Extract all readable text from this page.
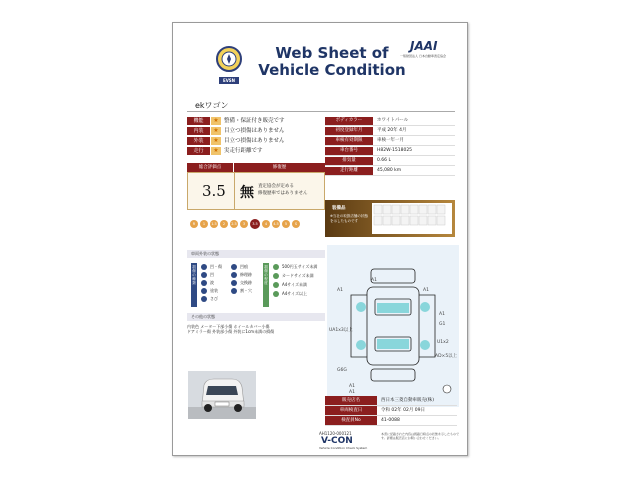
EVSN
Web Sheet of
Vehicle Condition
JAAI
一般財団法人 日本自動車査定協会
ekワゴン
機能	★ 整備・保証付き販売です
内装	★ 目立つ損傷はありません
外装	★ 目立つ損傷はありません
走行	★ 実走行距離です
ボディカラー	ホワイトパール
初度登録年月	平成 20年 4月
車検有効期限	車検一年一月
車台番号	H82W-1518025
排気量	0.66 L
走行距離	45,080 km
総合評価点	修復歴
3.5 無 査定協会が定める
修復歴車ではありません
R	1	1.5	2	2.5	3	3.5	4	4.5	5	S
装備品
※当社の取扱店舗の状態を示したものです
車両外装の状態
損傷の種類
凹・傷
凹
波
塗装
さび
凹痕
修理跡
交換跡
割・穴
損傷の程度
500円玉サイズ未満
カードサイズ未満
A4サイズ未満
A4サイズ以上
その他の状態
内装色 メーター下部小傷 ホイールカバー小傷
ドアミラー傷 外装部小傷 外装に1cm未満の損傷
A1
A1	A1
G1
A1
UA1x3以上
U1x2
AD×5以上
G6G
A1
A1
販売店名	西日本三菱自動車販売(株)
車両検査日	令和 02年 02月 09日
検査員No	41-0088
AH1120-000121
V-CON
Vehicle Condition Check System
本書に記載された内容は掲載日時点の状態を示したものです。詳細は販売店にお問い合わせください。
